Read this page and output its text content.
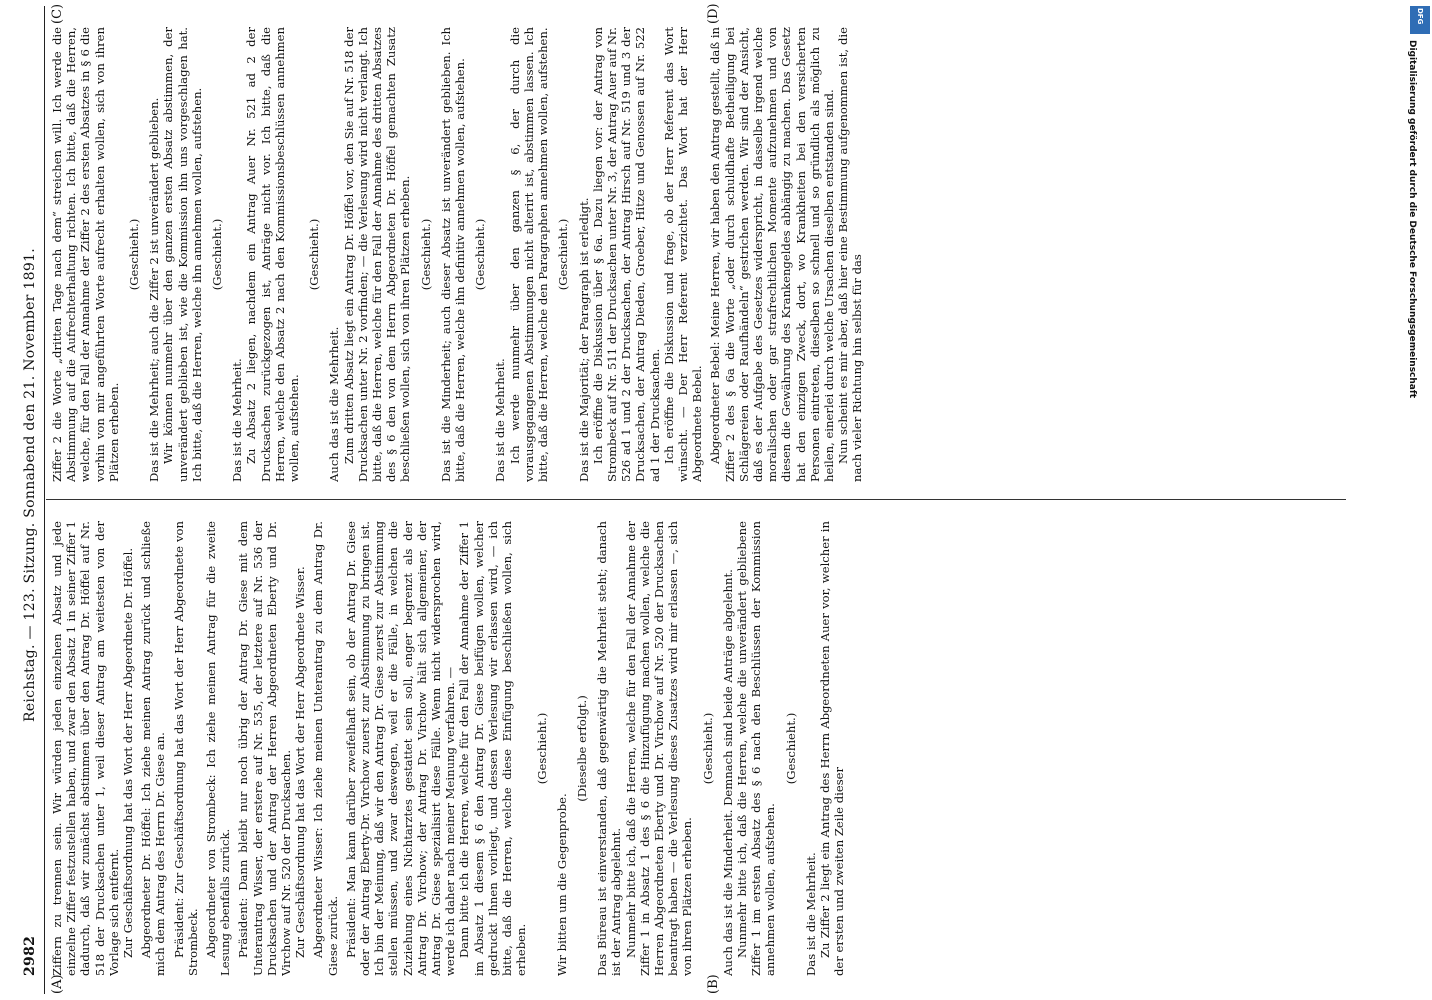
2982
Reichstag. — 123. Sitzung. Sonnabend den 21. November 1891.
(A)	(B)
(C)	(D)

Ziffern zu trennen sein. Wir würden jeden einzelnen Absatz und jede einzelne Ziffer festzustellen haben, und zwar den Absatz 1 in seiner Ziffer 1 dadurch, daß wir zunächst abstimmen über den Antrag Dr. Höffel auf Nr. 518 der Drucksachen unter 1, weil dieser Antrag am weitesten von der Vorlage sich entfernt. Zur Geschäftsordnung hat das Wort der Herr Abgeordnete Dr. Höffel. Abgeordneter Dr. Höffel: Ich ziehe meinen Antrag zurück und schließe mich dem Antrag des Herrn Dr. Giese an. Präsident: Zur Geschäftsordnung hat das Wort der Herr Abgeordnete von Strombeck. Abgeordneter von Strombeck: Ich ziehe meinen Antrag für die zweite Lesung ebenfalls zurück. Präsident: Dann bleibt nur noch übrig der Antrag Dr. Giese mit dem Unterantrag Wisser, der erstere auf Nr. 535, der letztere auf Nr. 536 der Drucksachen und der Antrag der Herren Abgeordneten Eberty und Dr. Virchow auf Nr. 520 der Drucksachen. Zur Geschäftsordnung hat das Wort der Herr Abgeordnete Wisser. Abgeordneter Wisser: Ich ziehe meinen Unterantrag zu dem Antrag Dr. Giese zurück. Präsident: Man kann darüber zweifelhaft sein, ob der Antrag Dr. Giese oder der Antrag Eberty-Dr. Virchow zuerst zur Abstimmung zu bringen ist. Ich bin der Meinung, daß wir den Antrag Dr. Giese zuerst zur Abstimmung stellen müssen, und zwar deswegen, weil er die Fälle, in welchen die Zuziehung eines Nichtarztes gestattet sein soll, enger begrenzt als der Antrag Dr. Virchow; der Antrag Dr. Virchow hält sich allgemeiner, der Antrag Dr. Giese spezialisirt diese Fälle. Wenn nicht widersprochen wird, werde ich daher nach meiner Meinung verfahren. — Dann bitte ich die Herren, welche für den Fall der Annahme der Ziffer 1 im Absatz 1 diesem § 6 den Antrag Dr. Giese beifügen wollen, welcher gedruckt Ihnen vorliegt, und dessen Verlesung wir erlassen wird, — ich bitte, daß die Herren, welche diese Einfügung beschließen wollen, sich erheben.

(Geschieht.)

Wir bitten um die Gegenprobe.

(Dieselbe erfolgt.) Das Büreau ist einverstanden, daß gegenwärtig die Mehrheit steht; danach ist der Antrag abgelehnt. Nunmehr bitte ich, daß die Herren, welche für den Fall der Annahme der Ziffer 1 in Absatz 1 des § 6 die Hinzufügung machen wollen, welche die Herren Abgeordneten Eberty und Dr. Virchow auf Nr. 520 der Drucksachen beantragt haben — die Verlesung dieses Zusatzes wird mir erlassen —, sich von ihren Plätzen erheben.

(Geschieht.) Auch das ist die Minderheit. Demnach sind beide Anträge abgelehnt. Nunmehr bitte ich, daß die Herren, welche die unverändert gebliebene Ziffer 1 im ersten Absatz des § 6 nach den Beschlüssen der Kommission annehmen wollen, aufstehen.

(Geschieht.)

Das ist die Mehrheit. Zu Ziffer 2 liegt ein Antrag des Herrn Abgeordneten Auer vor, welcher in der ersten und zweiten Zeile dieser

Ziffer 2 die Worte „dritten Tage nach dem“ streichen will. Ich werde die Abstimmung auf die Aufrechterhaltung richten. Ich bitte, daß die Herren, welche, für den Fall der Annahme der Ziffer 2 des ersten Absatzes in § 6 die vorhin von mir angeführten Worte aufrecht erhalten wollen, sich von ihren Plätzen erheben.

(Geschieht.) Das ist die Mehrheit; auch die Ziffer 2 ist unverändert geblieben. Wir können nunmehr über den ganzen ersten Absatz abstimmen, der unverändert geblieben ist, wie die Kommission ihn uns vorgeschlagen hat. Ich bitte, daß die Herren, welche ihn annehmen wollen, aufstehen. (Geschieht.)

Das ist die Mehrheit. Zu Absatz 2 liegen, nachdem ein Antrag Auer Nr. 521 ad 2 der Drucksachen zurückgezogen ist, Anträge nicht vor. Ich bitte, daß die Herren, welche den Absatz 2 nach den Kommissionsbeschlüssen annehmen wollen, aufstehen.

(Geschieht.)

Auch das ist die Mehrheit. Zum dritten Absatz liegt ein Antrag Dr. Höffel vor, den Sie auf Nr. 518 der Drucksachen unter Nr. 2 vorfinden; — die Verlesung wird nicht verlangt. Ich bitte, daß die Herren, welche für den Fall der Annahme des dritten Absatzes des § 6 den von dem Herrn Abgeordneten Dr. Höffel gemachten Zusatz beschließen wollen, sich von ihren Plätzen erheben. (Geschieht.) Das ist die Minderheit; auch dieser Absatz ist unverändert geblieben. Ich bitte, daß die Herren, welche ihn definitiv annehmen wollen, aufstehen. (Geschieht.)

Das ist die Mehrheit. Ich werde nunmehr über den ganzen § 6, der durch die vorausgegangenen Abstimmungen nicht alterirt ist, abstimmen lassen. Ich bitte, daß die Herren, welche den Paragraphen annehmen wollen, aufstehen. (Geschieht.) Das ist die Majorität; der Paragraph ist erledigt. Ich eröffne die Diskussion über § 6a. Dazu liegen vor: der Antrag von Strombeck auf Nr. 511 der Drucksachen unter Nr. 3, der Antrag Auer auf Nr. 526 ad 1 und 2 der Drucksachen, der Antrag Hirsch auf Nr. 519 und 3 der Drucksachen, der Antrag Dieden, Groeber, Hitze und Genossen auf Nr. 522 ad 1 der Drucksachen. Ich eröffne die Diskussion und frage, ob der Herr Referent das Wort wünscht. — Der Herr Referent verzichtet. Das Wort hat der Herr Abgeordnete Bebel. Abgeordneter Bebel: Meine Herren, wir haben den Antrag gestellt, daß in Ziffer 2 des § 6a die Worte „oder durch schuldhafte Betheiligung bei Schlägereien oder Raufhändeln“ gestrichen werden. Wir sind der Ansicht, daß es der Aufgabe des Gesetzes widerspricht, in dasselbe irgend welche moralischen oder gar strafrechtlichen Momente aufzunehmen und von diesen die Gewährung des Krankengeldes abhängig zu machen. Das Gesetz hat den einzigen Zweck, dort, wo Krankheiten bei den versicherten Personen eintreten, dieselben so schnell und so gründlich als möglich zu heilen, einerlei durch welche Ursachen dieselben entstanden sind. Nun scheint es mir aber, daß hier eine Bestimmung aufgenommen ist, die nach vieler Richtung hin selbst für das	Digitalisierung gefördert durch die Deutsche Forschungsgemeinschaft
DFG
